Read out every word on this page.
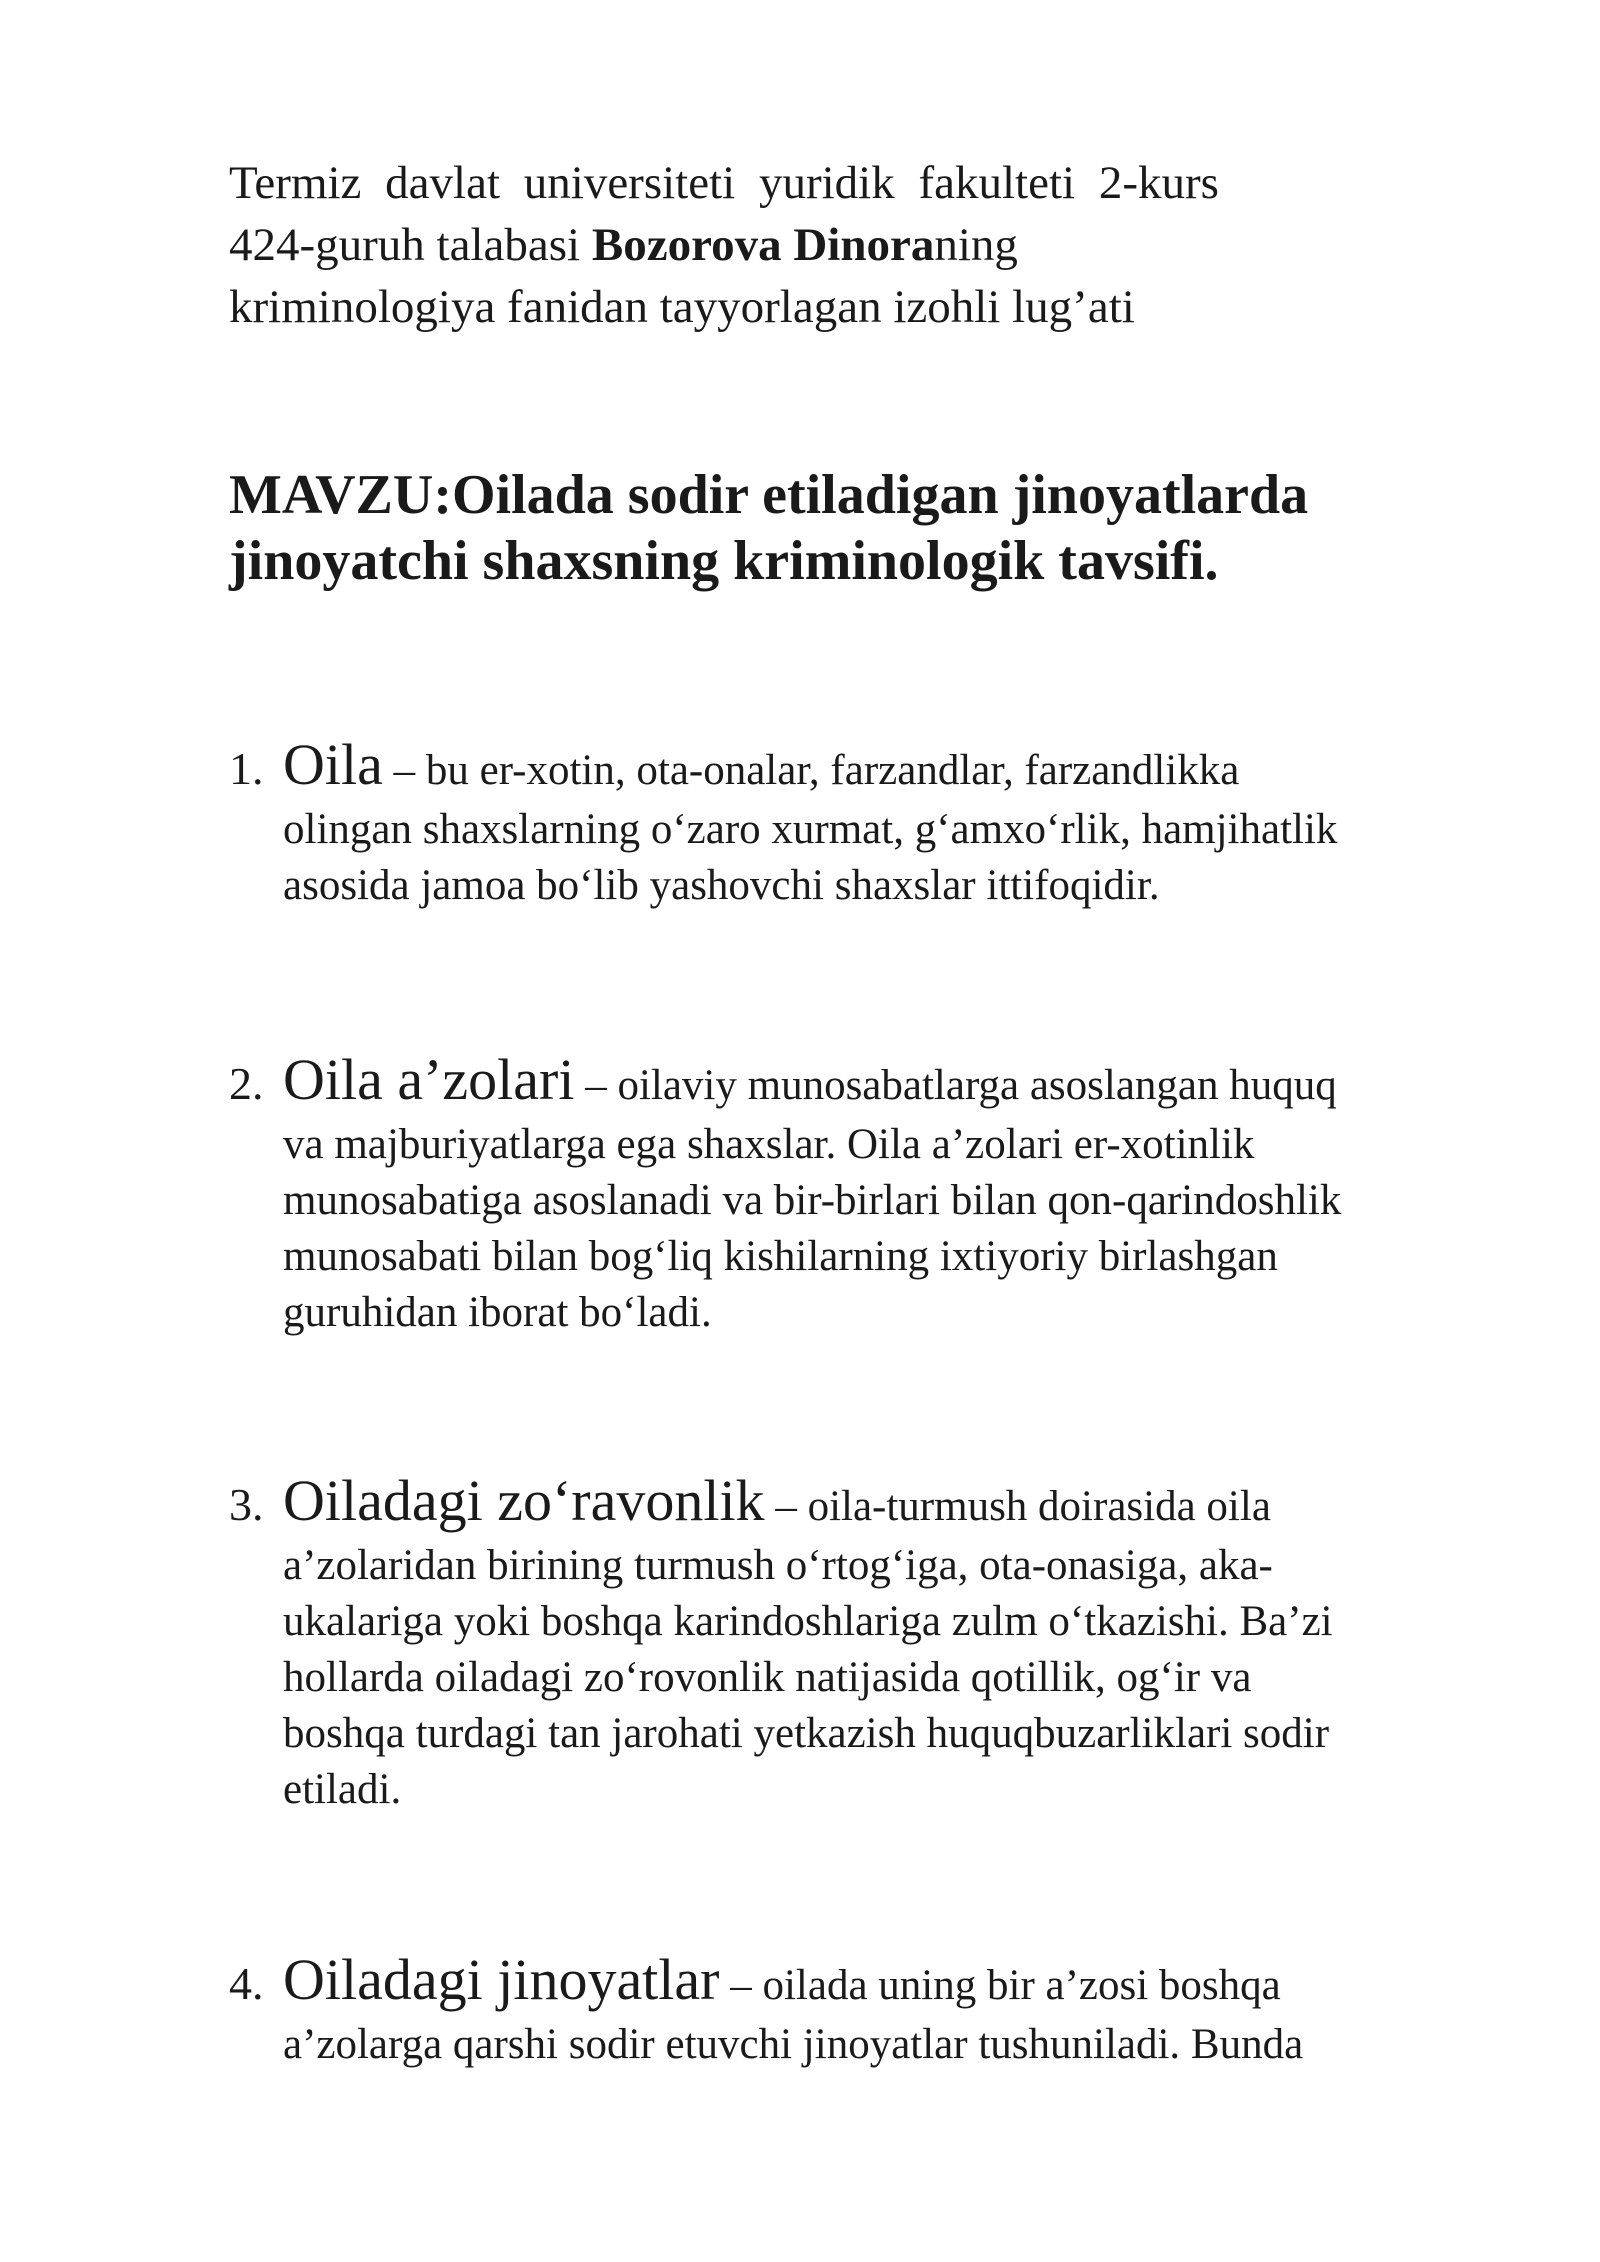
Termiz davlat universiteti yuridik fakulteti 2-kurs
424-guruh talabasi Bozorova Dinoraning
kriminologiya fanidan tayyorlagan izohli lug’ati
MAVZU:Oilada sodir etiladigan jinoyatlarda
jinoyatchi shaxsning kriminologik tavsifi.
1. Oila – bu er-xotin, ota-onalar, farzandlar, farzandlikka
olingan shaxslarning o‘zaro xurmat, g‘amxo‘rlik, hamjihatlik
asosida jamoa bo‘lib yashovchi shaxslar ittifoqidir.
2. Oila a’zolari – oilaviy munosabatlarga asoslangan huquq
va majburiyatlarga ega shaxslar. Oila a’zolari er-xotinlik
munosabatiga asoslanadi va bir-birlari bilan qon-qarindoshlik
munosabati bilan bog‘liq kishilarning ixtiyoriy birlashgan
guruhidan iborat bo‘ladi.
3. Oiladagi zo‘ravonlik – oila-turmush doirasida oila
a’zolaridan birining turmush o‘rtog‘iga, ota-onasiga, aka-
ukalariga yoki boshqa karindoshlariga zulm o‘tkazishi. Ba’zi
hollarda oiladagi zo‘rovonlik natijasida qotillik, og‘ir va
boshqa turdagi tan jarohati yetkazish huquqbuzarliklari sodir
etiladi.
4. Oiladagi jinoyatlar – oilada uning bir a’zosi boshqa
a’zolarga qarshi sodir etuvchi jinoyatlar tushuniladi. Bunda
